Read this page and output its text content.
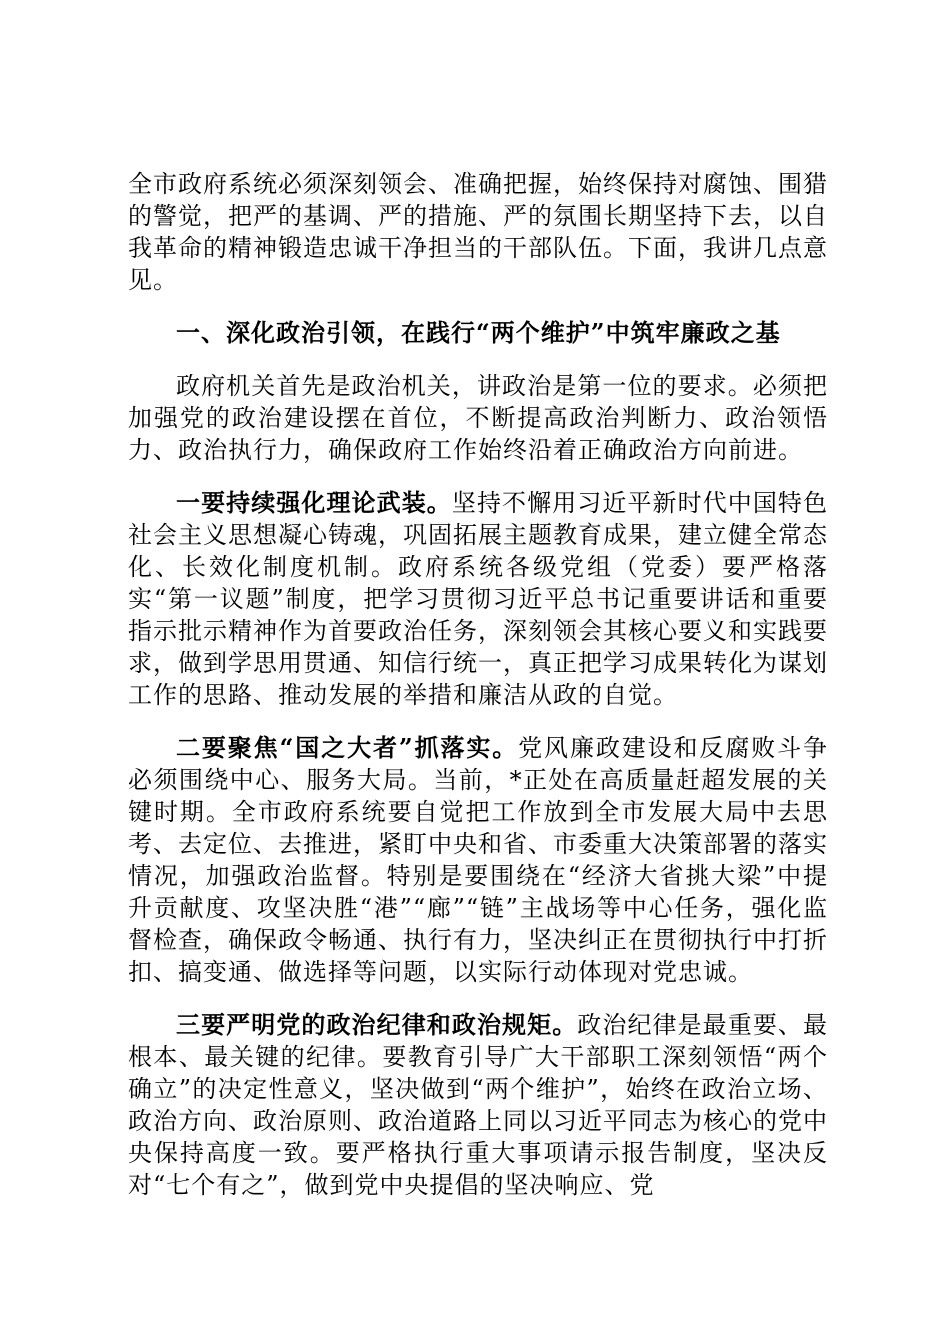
全市政府系统必须深刻领会、准确把握，始终保持对腐蚀、围猎的警觉，把严的基调、严的措施、严的氛围长期坚持下去，以自我革命的精神锻造忠诚干净担当的干部队伍。下面，我讲几点意见。

一、深化政治引领，在践行“两个维护”中筑牢廉政之基

政府机关首先是政治机关，讲政治是第一位的要求。必须把加强党的政治建设摆在首位，不断提高政治判断力、政治领悟力、政治执行力，确保政府工作始终沿着正确政治方向前进。

一要持续强化理论武装。坚持不懈用习近平新时代中国特色社会主义思想凝心铸魂，巩固拓展主题教育成果，建立健全常态化、长效化制度机制。政府系统各级党组（党委）要严格落实“第一议题”制度，把学习贯彻习近平总书记重要讲话和重要指示批示精神作为首要政治任务，深刻领会其核心要义和实践要求，做到学思用贯通、知信行统一，真正把学习成果转化为谋划工作的思路、推动发展的举措和廉洁从政的自觉。

二要聚焦“国之大者”抓落实。党风廉政建设和反腐败斗争必须围绕中心、服务大局。当前，*正处在高质量赶超发展的关键时期。全市政府系统要自觉把工作放到全市发展大局中去思考、去定位、去推进，紧盯中央和省、市委重大决策部署的落实情况，加强政治监督。特别是要围绕在“经济大省挑大梁”中提升贡献度、攻坚决胜“港”“廊”“链”主战场等中心任务，强化监督检查，确保政令畅通、执行有力，坚决纠正在贯彻执行中打折扣、搞变通、做选择等问题，以实际行动体现对党忠诚。

三要严明党的政治纪律和政治规矩。政治纪律是最重要、最根本、最关键的纪律。要教育引导广大干部职工深刻领悟“两个确立”的决定性意义，坚决做到“两个维护”，始终在政治立场、政治方向、政治原则、政治道路上同以习近平同志为核心的党中央保持高度一致。要严格执行重大事项请示报告制度，坚决反对“七个有之”，做到党中央提倡的坚决响应、党
